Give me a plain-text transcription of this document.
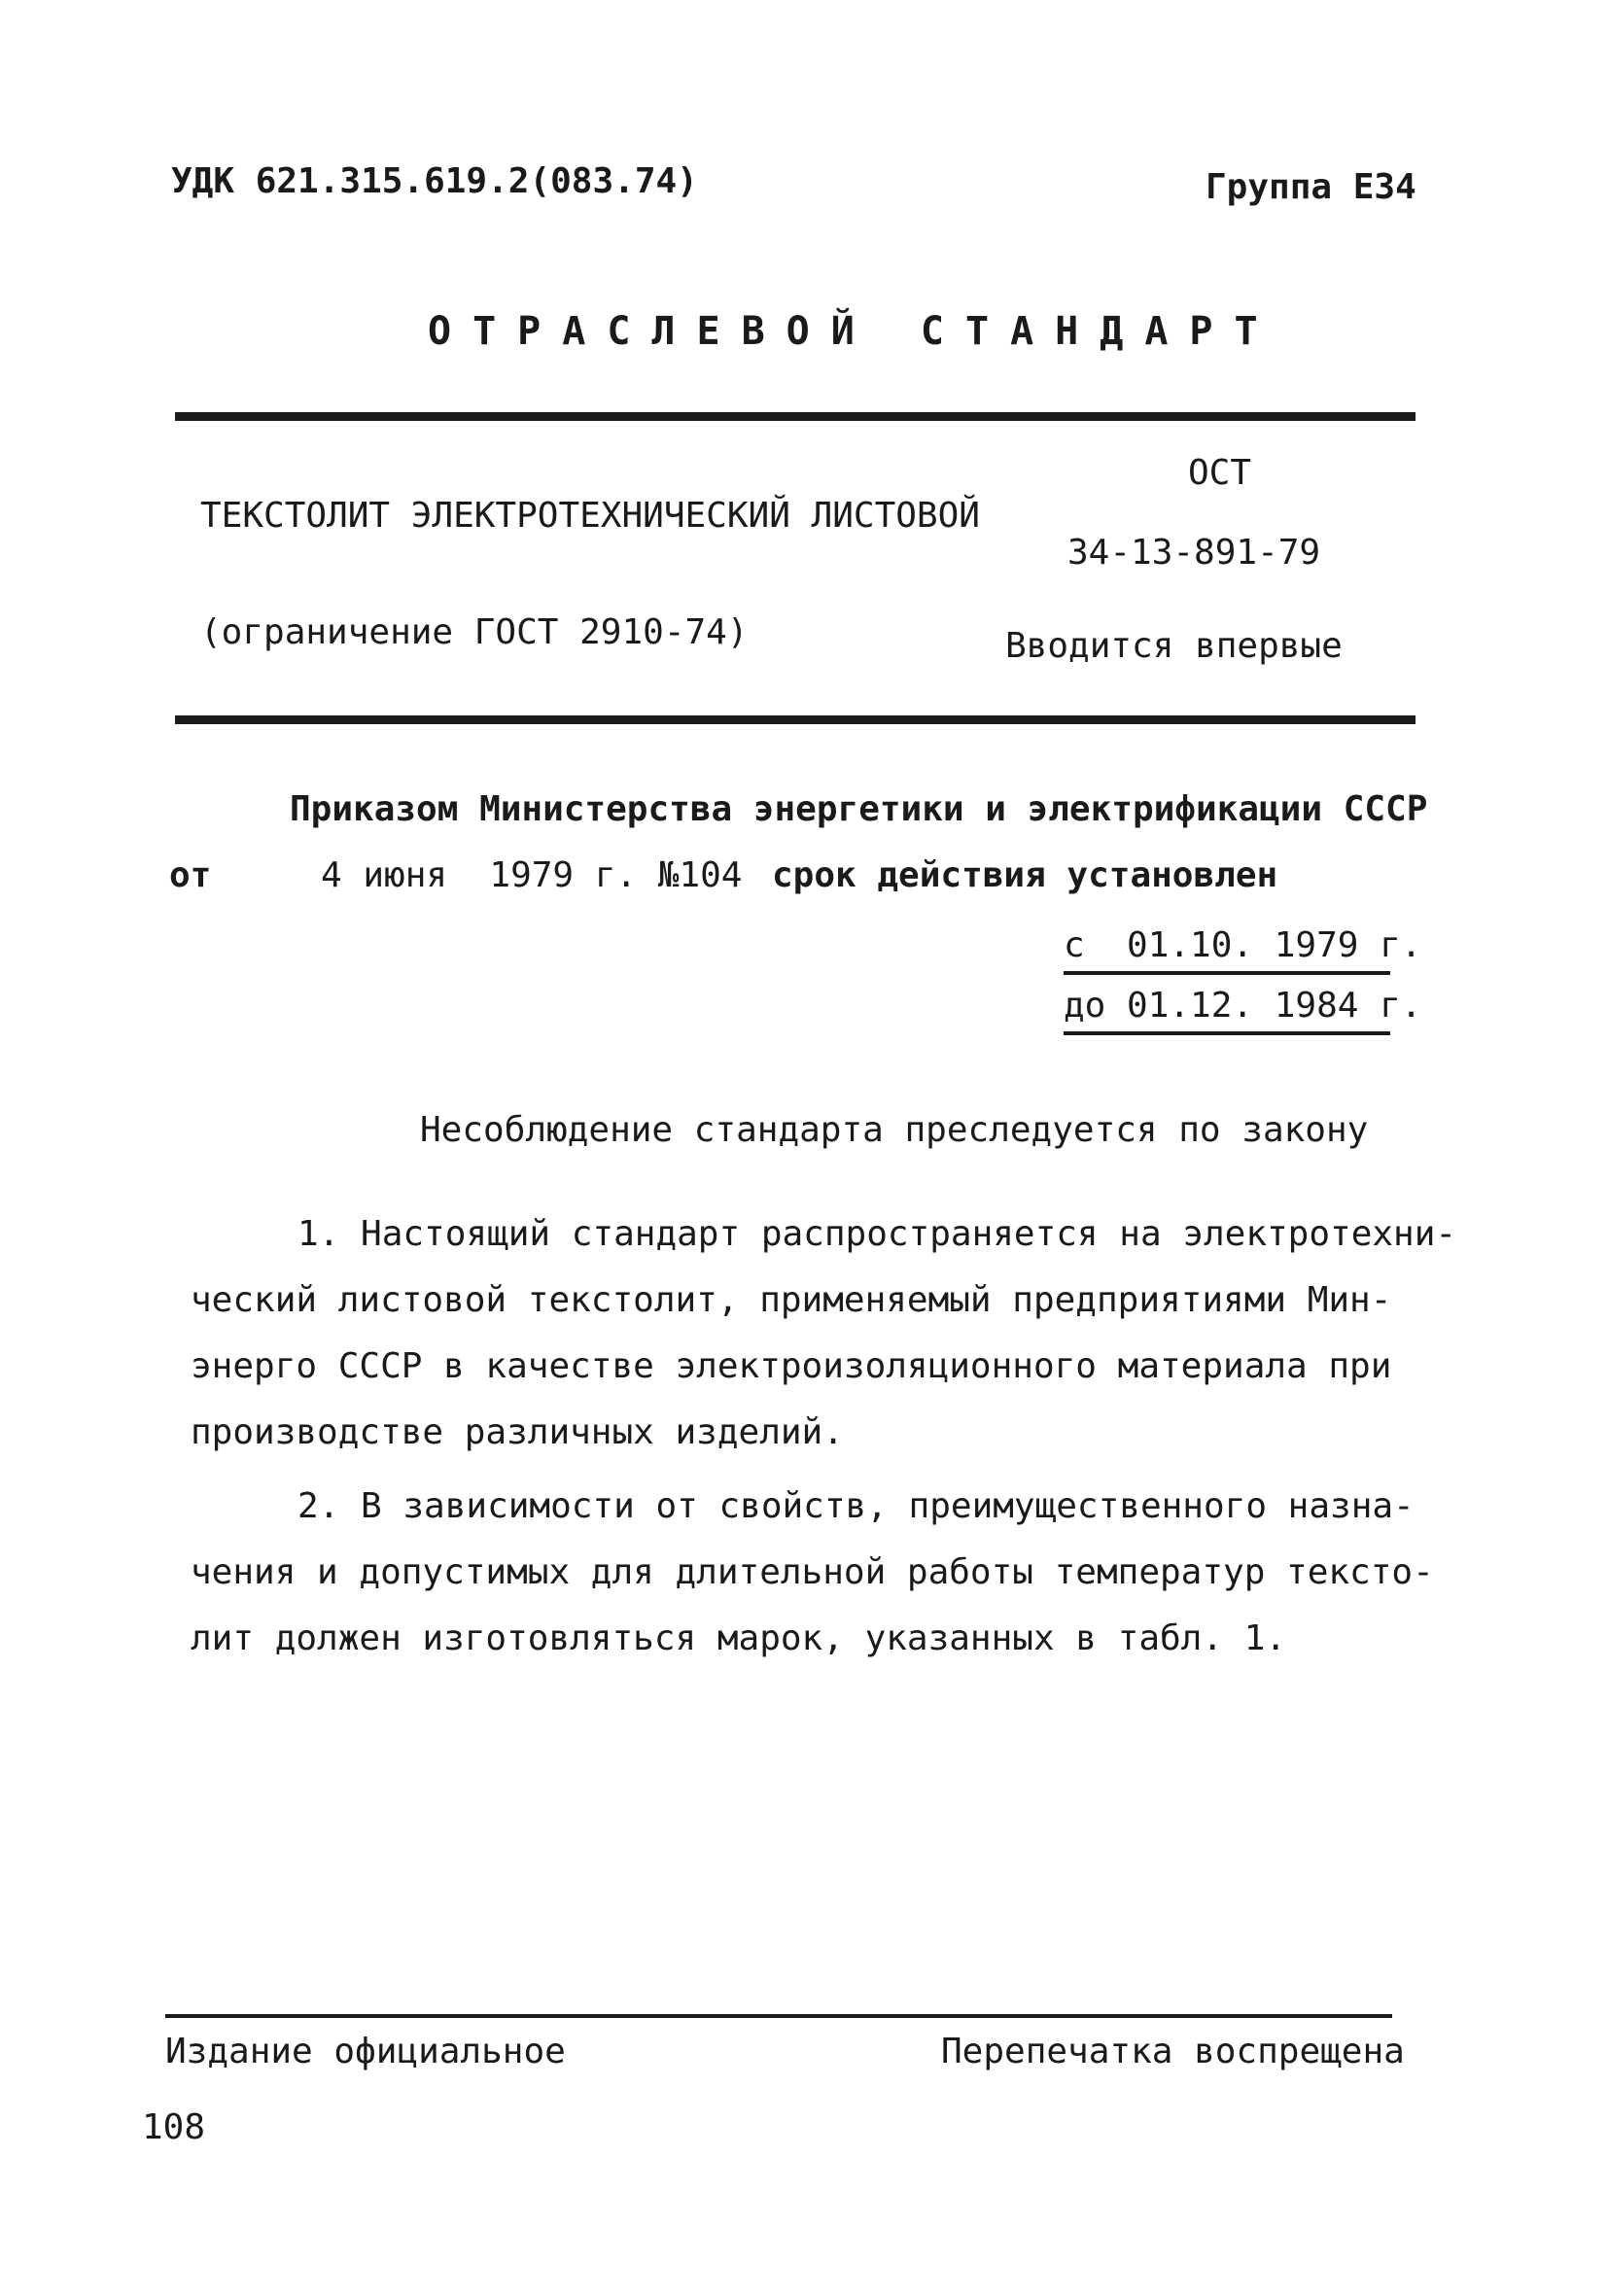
УДК 621.315.619.2(083.74)	Группа Е34
ОТРАСЛЕВОЙ СТАНДАРТ
ОСТ
ТЕКСТОЛИТ ЭЛЕКТРОТЕХНИЧЕСКИЙ ЛИСТОВОЙ
34-13-891-79
(ограничение ГОСТ 2910-74)	Вводится впервые
Приказом Министерства энергетики и электрификации СССР
от	4 июня  1979 г. №104 срок действия установлен
с  01.10. 1979 г.
до 01.12. 1984 г.
Несоблюдение стандарта преследуется по закону
1. Настоящий стандарт распространяется на электротехни-
ческий листовой текстолит, применяемый предприятиями Мин-
энерго СССР в качестве электроизоляционного материала при
производстве различных изделий.
2. В зависимости от свойств, преимущественного назна-
чения и допустимых для длительной работы температур тексто-
лит должен изготовляться марок, указанных в табл. 1.
Издание официальное	Перепечатка воспрещена
108
